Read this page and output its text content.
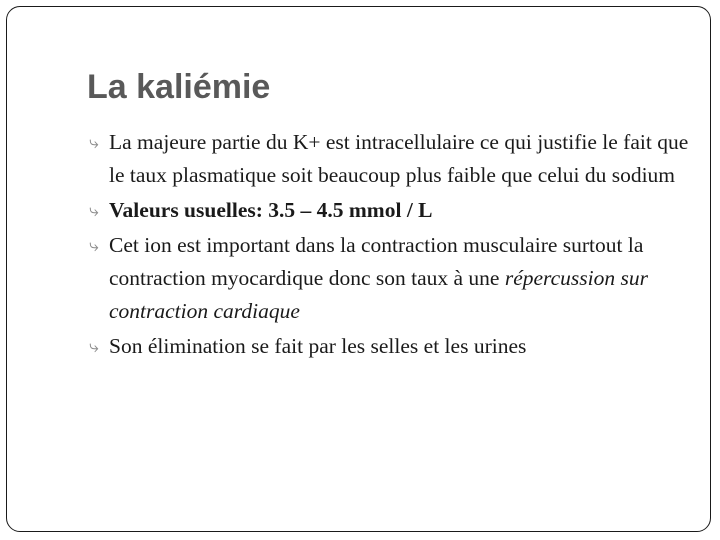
La kaliémie
⤷ La majeure partie du K+ est intracellulaire ce qui justifie le fait que le taux plasmatique soit beaucoup plus faible que celui du sodium
⤷ Valeurs usuelles: 3.5 – 4.5 mmol / L
⤷ Cet ion est important dans la contraction musculaire surtout la contraction myocardique donc son taux à une répercussion sur contraction cardiaque
⤷ Son élimination se fait par les selles et les urines
